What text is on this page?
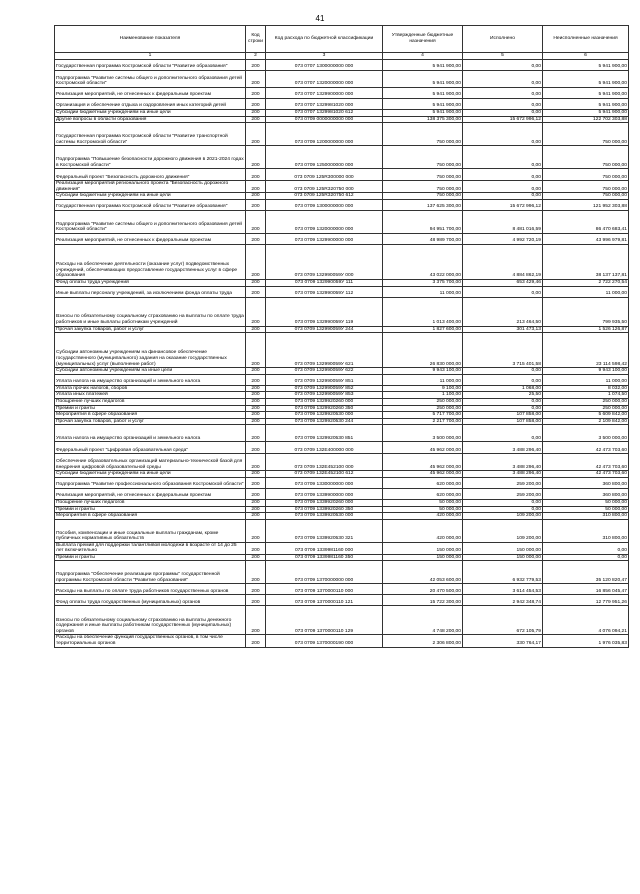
41
Наименование показателя	Код строки	Код расхода по бюджетной классификации	Утвержденные бюджетные назначения	Исполнено	Неисполненные назначения
1	2	3	4	5	6
Государственная программа Костромской области "Развитие образования"	200	073 0707 1300000000 000	5 941 900,00	0,00	5 941 900,00
Подпрограмма "Развитие системы общего и дополнительного образования детей Костромской области"	200	073 0707 1320000000 000	5 941 900,00	0,00	5 941 900,00
Реализация мероприятий, не отнесенных к федеральным проектам	200	073 0707 1329900000 000	5 941 900,00	0,00	5 941 900,00
Организация и обеспечение отдыха и оздоровления иных категорий детей	200	073 0707 1329981020 000	5 941 900,00	0,00	5 941 900,00
Субсидии бюджетным учреждениям на иные цели	200	073 0707 1329981020 612	5 941 900,00	0,00	5 941 900,00
Другие вопросы в области образования	200	073 0709 0000000000 000	138 375 300,00	15 672 996,12	122 702 303,88
Государственная программа Костромской области "Развитие транспортной системы Костромской области"	200	073 0709 1200000000 000	750 000,00	0,00	750 000,00
Подпрограмма "Повышение безопасности дорожного движения в 2021-2024 годах в Костромской области"	200	073 0709 1250000000 000	750 000,00	0,00	750 000,00
Федеральный проект "Безопасность дорожного движения"	200	073 0709 125R300000 000	750 000,00	0,00	750 000,00
Реализация мероприятий регионального проекта "Безопасность дорожного движения"	200	073 0709 125R320750 000	750 000,00	0,00	750 000,00
Субсидии бюджетным учреждениям на иные цели	200	073 0709 125R320750 612	750 000,00	0,00	750 000,00
Государственная программа Костромской области "Развитие образования"	200	073 0709 1300000000 000	137 625 300,00	15 672 996,12	121 952 303,88
Подпрограмма "Развитие системы общего и дополнительного образования детей Костромской области"	200	073 0709 1320000000 000	94 951 700,00	8 481 016,59	86 470 683,41
Реализация мероприятий, не отнесенных к федеральным проектам	200	073 0709 1329900000 000	48 989 700,00	4 992 720,19	43 996 979,81
Расходы на обеспечение деятельности (оказание услуг) подведомственных учреждений, обеспечивающих предоставление государственных услуг в сфере образования	200	073 0709 132990059У 000	43 022 000,00	4 884 862,19	38 137 137,81
Фонд оплаты труда учреждений	200	073 0709 132990059У 111	3 375 700,00	653 429,46	2 722 270,54
Иные выплаты персоналу учреждений, за исключением фонда оплаты труда	200	073 0709 132990059У 112	11 000,00	0,00	11 000,00
Взносы по обязательному социальному страхованию на выплаты по оплате труда работников и иные выплаты работникам учреждений	200	073 0709 132990059У 119	1 013 400,00	213 464,50	799 935,50
Прочая закупка товаров, работ и услуг	200	073 0709 132990059У 244	1 827 600,00	301 473,13	1 526 126,87
Субсидии автономным учреждениям на финансовое обеспечение государственного (муниципального) задания на оказание государственных (муниципальных) услуг (выполнение работ)	200	073 0709 132990059У 621	26 830 000,00	3 715 401,58	23 114 598,42
Субсидии автономным учреждениям на иные цели	200	073 0709 132990059У 622	9 943 100,00	0,00	9 943 100,00
Уплата налога на имущество организаций и земельного налога	200	073 0709 132990059У 851	11 000,00	0,00	11 000,00
Уплата прочих налогов, сборов	200	073 0709 132990059У 852	9 100,00	1 068,00	8 032,00
Уплата иных платежей	200	073 0709 132990059У 853	1 100,00	25,50	1 074,50
Поощрение лучших педагогов	200	073 0709 1329920260 000	250 000,00	0,00	250 000,00
Премии и гранты	200	073 0709 1329920260 350	250 000,00	0,00	250 000,00
Мероприятия в сфере образования	200	073 0709 1329920530 000	5 717 700,00	107 858,00	5 609 842,00
Прочая закупка товаров, работ и услуг	200	073 0709 1329920530 244	2 217 700,00	107 858,00	2 109 842,00
Уплата налога на имущество организаций и земельного налога	200	073 0709 1329920530 851	3 500 000,00	0,00	3 500 000,00
Федеральный проект "Цифровая образовательная среда"	200	073 0709 132E400000 000	45 962 000,00	3 488 296,40	42 473 703,60
Обеспечение образовательных организаций материально-технической базой для внедрения цифровой образовательной среды	200	073 0709 132E452100 000	45 962 000,00	3 488 296,40	42 473 703,60
Субсидии бюджетным учреждениям на иные цели	200	073 0709 132E452100 612	45 962 000,00	3 488 296,40	42 473 703,60
Подпрограмма "Развитие профессионального образования Костромской области"	200	073 0709 1330000000 000	620 000,00	259 200,00	360 800,00
Реализация мероприятий, не отнесенных к федеральным проектам	200	073 0709 1339900000 000	620 000,00	259 200,00	360 800,00
Поощрение лучших педагогов	200	073 0709 1339920260 000	50 000,00	0,00	50 000,00
Премии и гранты	200	073 0709 1339920260 350	50 000,00	0,00	50 000,00
Мероприятия в сфере образования	200	073 0709 1339920530 000	420 000,00	109 200,00	310 800,00
Пособия, компенсации и иные социальные выплаты гражданам, кроме публичных нормативных обязательств	200	073 0709 1339920530 321	420 000,00	109 200,00	310 800,00
Выплата премий для поддержки талантливой молодежи в возрасте от 14 до 25 лет включительно	200	073 0709 1339981160 000	150 000,00	150 000,00	0,00
Премии и гранты	200	073 0709 1339981160 350	150 000,00	150 000,00	0,00
Подпрограмма "Обеспечение реализации программы" государственной программы Костромской области "Развитие образования"	200	073 0709 1370000000 000	42 053 600,00	6 932 779,53	35 120 820,47
Расходы на выплаты по оплате труда работников государственных органов	200	073 0709 1370000110 000	20 470 500,00	3 614 454,53	16 856 045,47
Фонд оплаты труда государственных (муниципальных) органов	200	073 0709 1370000110 121	15 722 300,00	2 942 348,74	12 779 951,26
Взносы по обязательному социальному страхованию на выплаты денежного содержания и иные выплаты работникам государственных (муниципальных) органов	200	073 0709 1370000110 129	4 748 200,00	672 105,79	4 076 094,21
Расходы на обеспечение функций государственных органов, в том числе территориальных органов	200	073 0709 1370000190 000	2 306 800,00	330 764,17	1 976 035,83
